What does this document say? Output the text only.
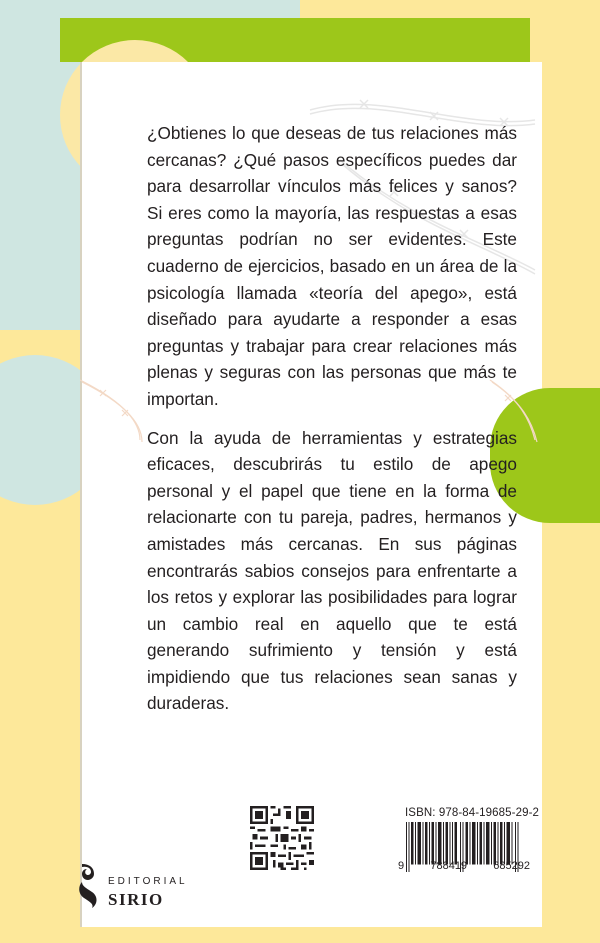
¿Obtienes lo que deseas de tus relaciones más cercanas? ¿Qué pasos específicos puedes dar para desarrollar vínculos más felices y sanos? Si eres como la mayoría, las respuestas a esas preguntas podrían no ser evidentes. Este cuaderno de ejercicios, basado en un área de la psicología llamada «teoría del apego», está diseñado para ayudarte a responder a esas preguntas y trabajar para crear relaciones más plenas y seguras con las personas que más te importan.

Con la ayuda de herramientas y estrategias eficaces, descubrirás tu estilo de apego personal y el papel que tiene en la forma de relacionarte con tu pareja, padres, hermanos y amistades más cercanas. En sus páginas encontrarás sabios consejos para enfrentarte a los retos y explorar las posibilidades para lograr un cambio real en aquello que te está generando sufrimiento y tensión y está impidiendo que tus relaciones sean sanas y duraderas.

ISBN: 978-84-19685-29-2
9 788419 685292
EDITORIAL
SIRIO
